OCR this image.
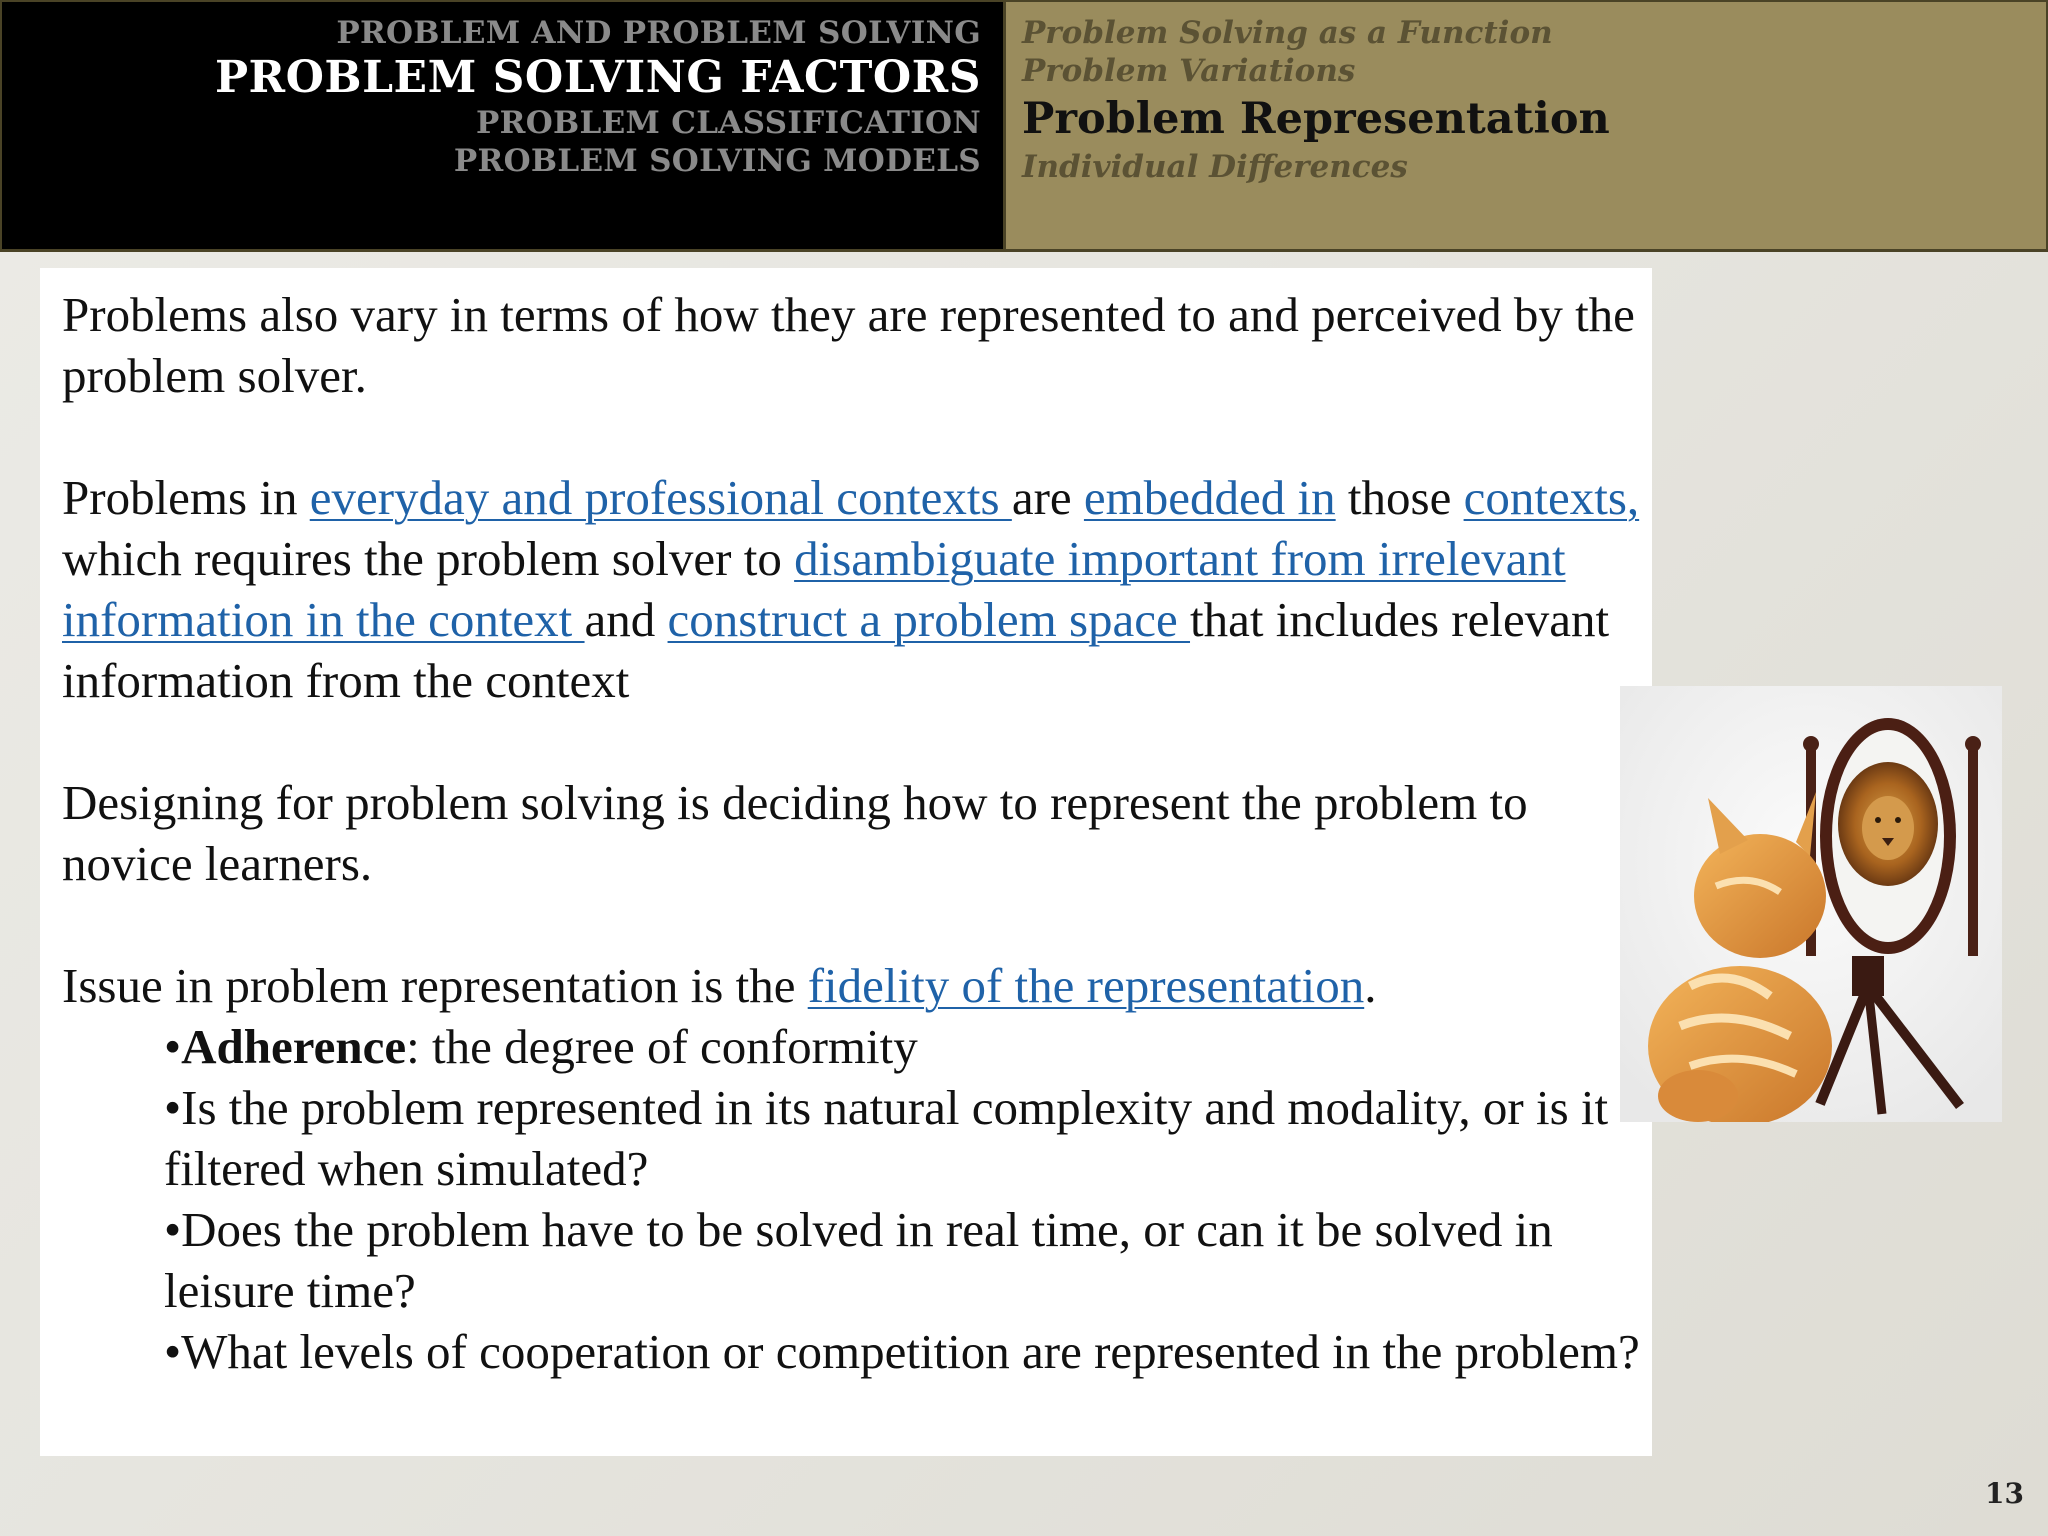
PROBLEM AND PROBLEM SOLVING
PROBLEM SOLVING FACTORS
PROBLEM CLASSIFICATION
PROBLEM SOLVING MODELS
Problem Solving as a Function
Problem Variations
Problem Representation
Individual Differences

Problems also vary in terms of how they are represented to and perceived by the problem solver.

Problems in everyday and professional contexts are embedded in those contexts, which requires the problem solver to disambiguate important from irrelevant information in the context and construct a problem space that includes relevant information from the context

Designing for problem solving is deciding how to represent the problem to novice learners.

Issue in problem representation is the fidelity of the representation.

•Adherence: the degree of conformity

•Is the problem represented in its natural complexity and modality, or is it filtered when simulated?

•Does the problem have to be solved in real time, or can it be solved in leisure time?

•What levels of cooperation or competition are represented in the problem?

13
